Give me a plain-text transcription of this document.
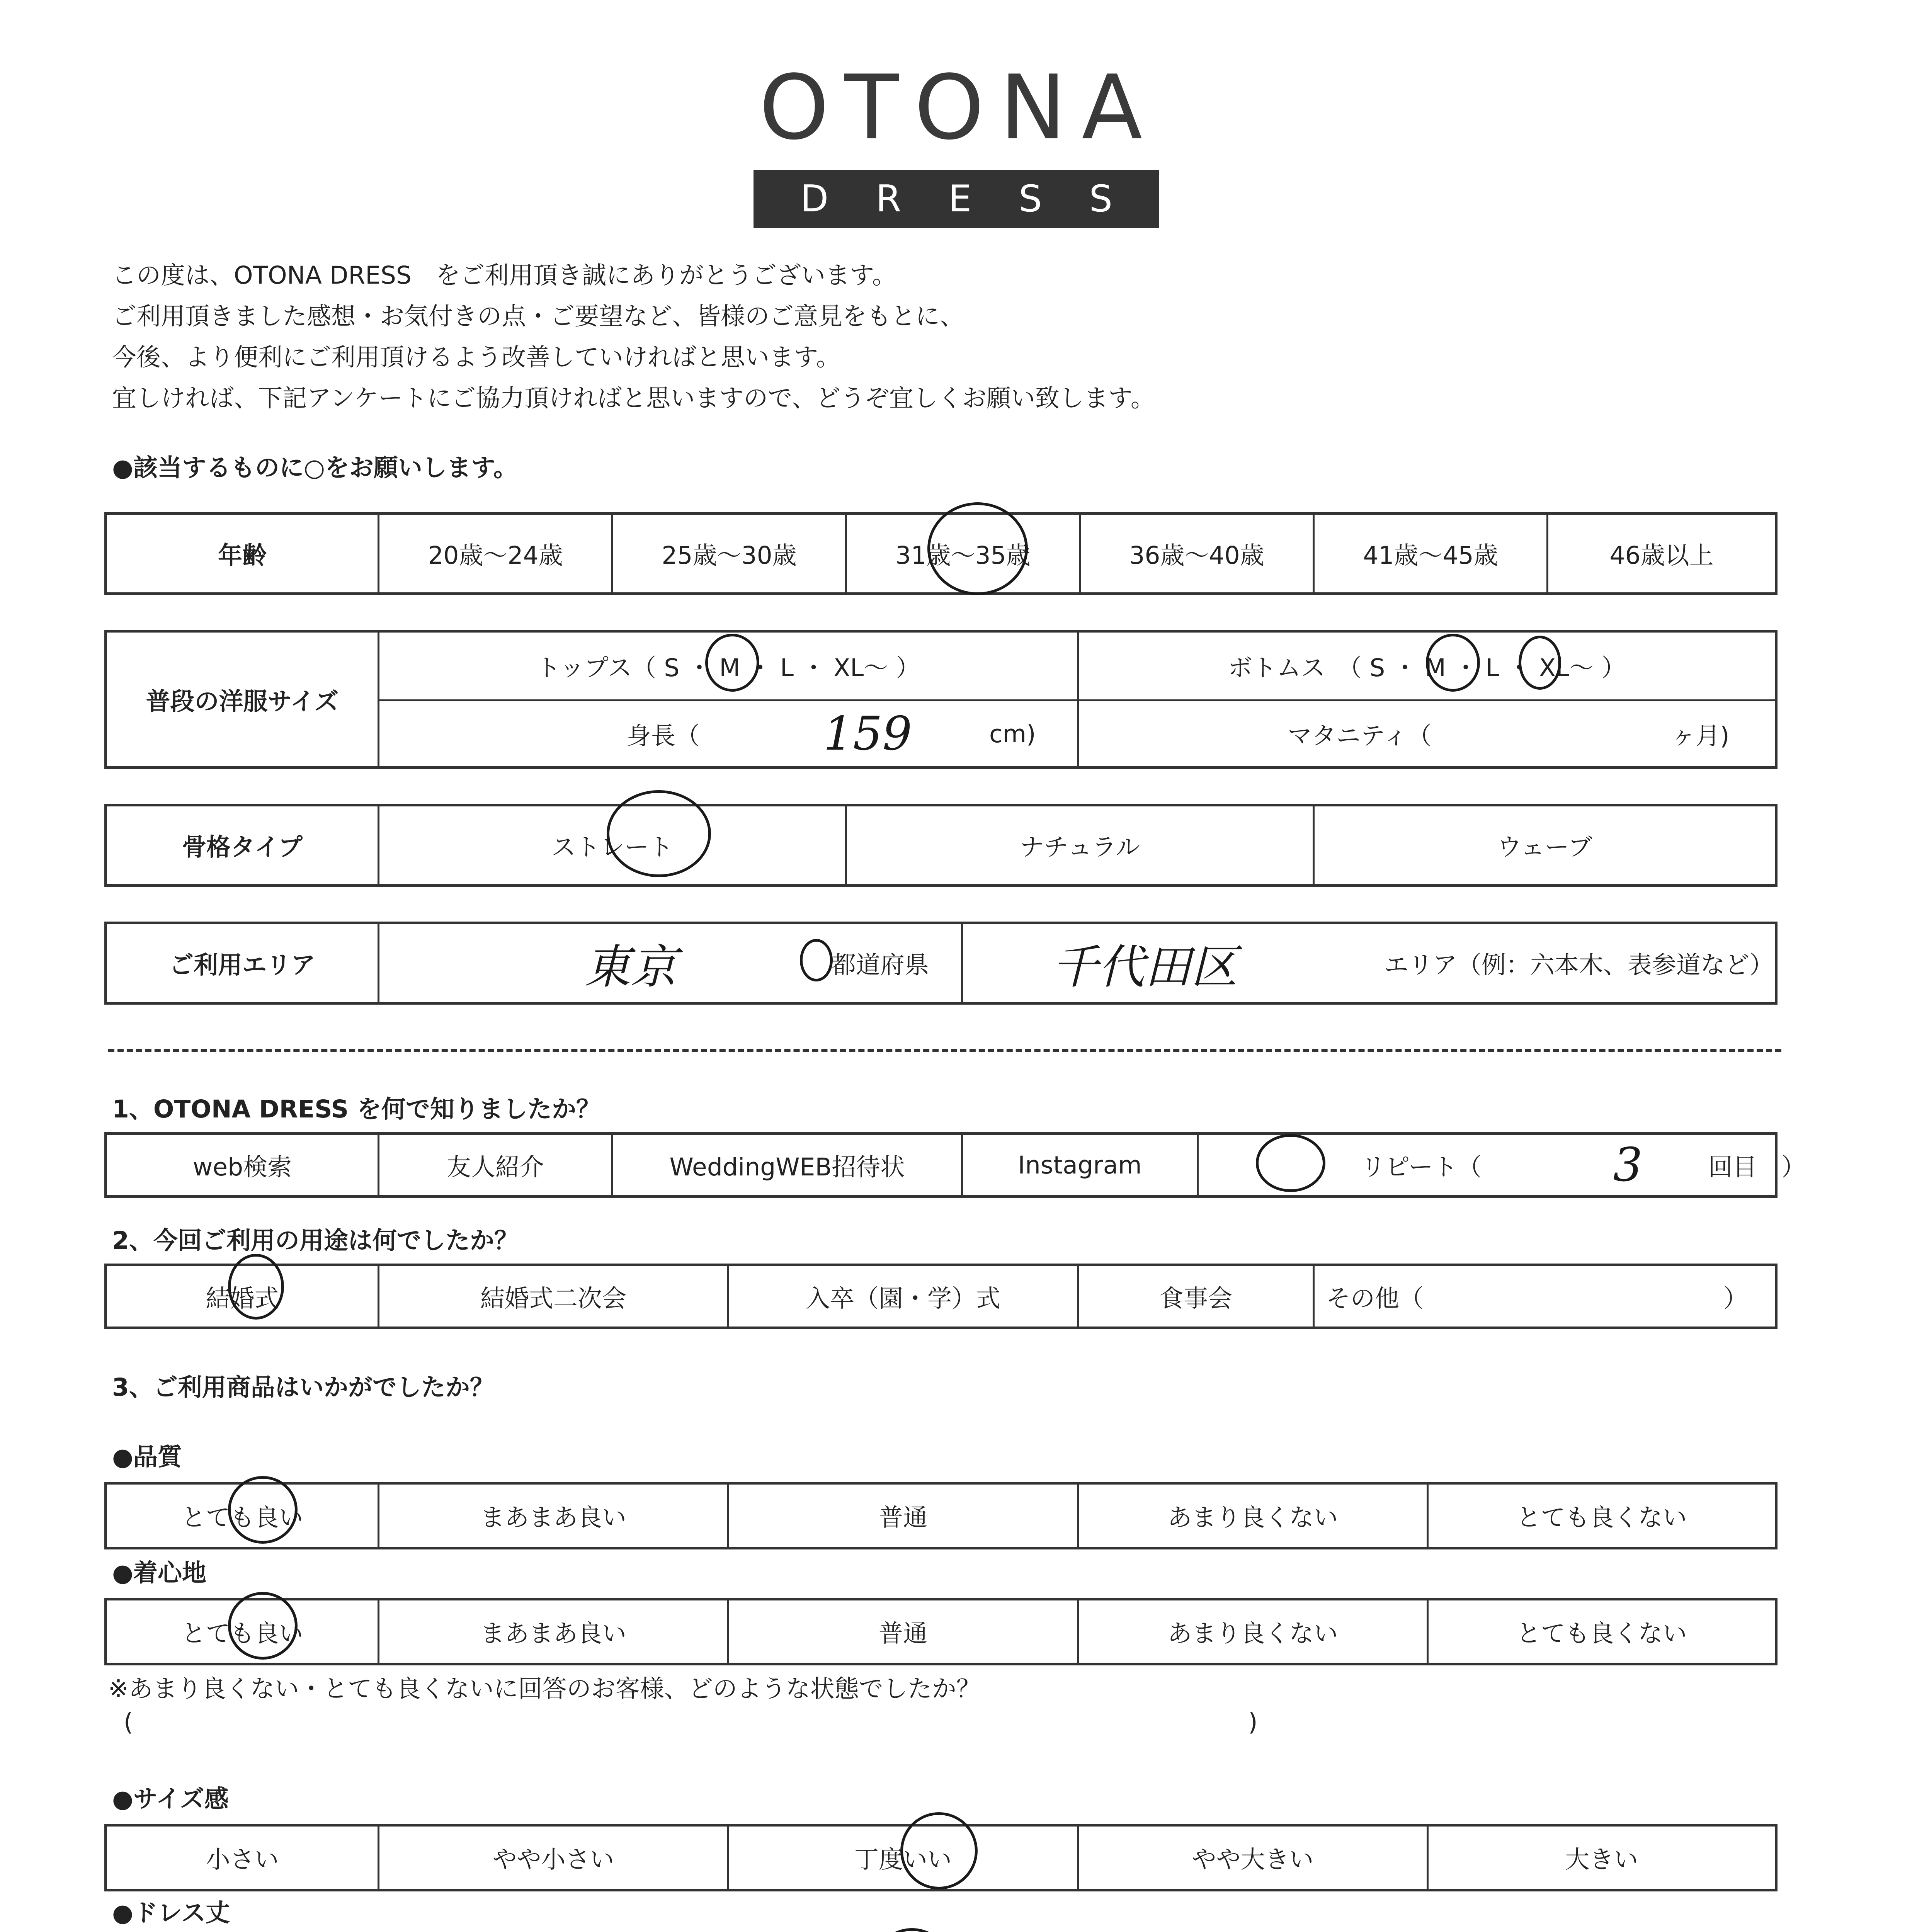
OTONA
D R E S S
この度は、OTONA DRESS　をご利用頂き誠にありがとうございます。
ご利用頂きました感想・お気付きの点・ご要望など、皆様のご意見をもとに、
今後、より便利にご利用頂けるよう改善していければと思います。
宜しければ、下記アンケートにご協力頂ければと思いますので、どうぞ宜しくお願い致します。
●該当するものに○をお願いします。
年齢	20歳～24歳	25歳～30歳	31歳～35歳	36歳～40歳	41歳～45歳	46歳以上
普段の洋服サイズ
トップス（ S ・ M ・ L ・ XL～ ）	ボトムス　（ S ・ M ・ L ・ XL～ ）
身長（	159	cm)	マタニティ（	ヶ月)
骨格タイプ	ストレート	ナチュラル	ウェーブ
ご利用エリア	東京	都道府県	千代田区	エリア（例：六本木、表参道など）
1、OTONA DRESS を何で知りましたか？
web検索	友人紹介	WeddingWEB招待状	Instagram	リピート（	3	回目　）
2、今回ご利用の用途は何でしたか？
結婚式	結婚式二次会	入卒（園・学）式	食事会	その他（	）
3、ご利用商品はいかがでしたか？
●品質
とても良い	まあまあ良い	普通	あまり良くない	とても良くない
●着心地
とても良い	まあまあ良い	普通	あまり良くない	とても良くない
※あまり良くない・とても良くないに回答のお客様、どのような状態でしたか？
(	)
●サイズ感
小さい	やや小さい	丁度いい	やや大きい	大きい
●ドレス丈
